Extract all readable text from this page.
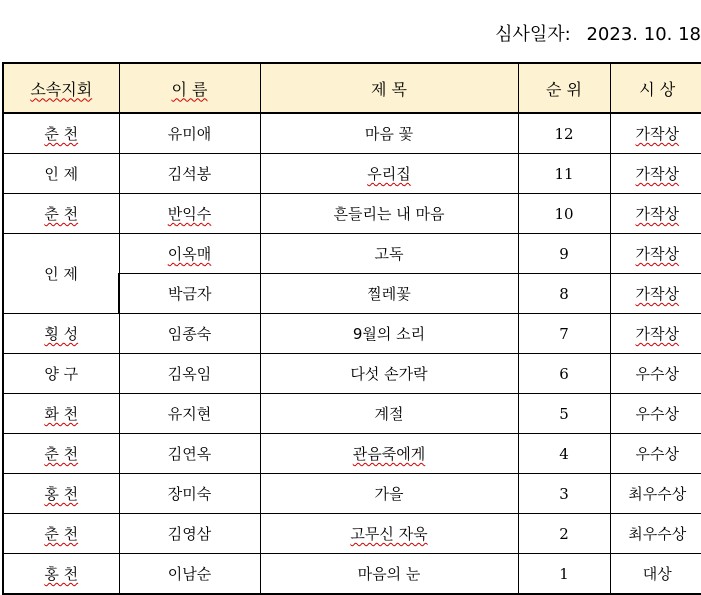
심사일자: 2023. 10. 18
소속지회	이 름	제 목	순 위	시 상
춘 천	유미애	마음 꽃	12	가작상
인 제	김석봉	우리집	11	가작상
춘 천	반익수	흔들리는 내 마음	10	가작상
인 제	이옥매	고독	9	가작상
	박금자	찔레꽃	8	가작상
횡 성	임종숙	9월의 소리	7	가작상
양 구	김옥임	다섯 손가락	6	우수상
화 천	유지현	계절	5	우수상
춘 천	김연옥	관음죽에게	4	우수상
홍 천	장미숙	가을	3	최우수상
춘 천	김영삼	고무신 자욱	2	최우수상
홍 천	이남순	마음의 눈	1	대상
